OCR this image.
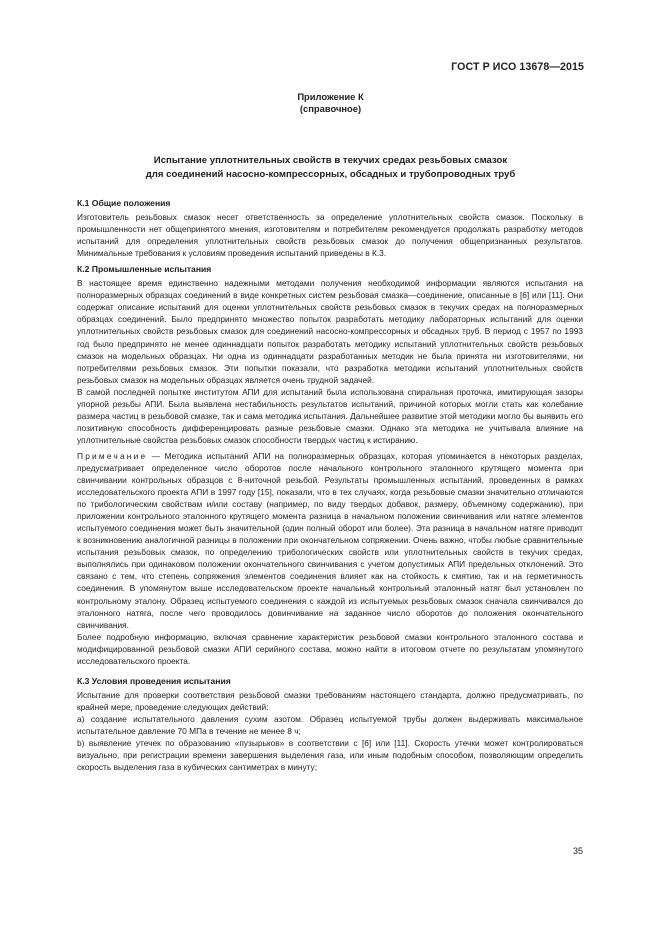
ГОСТ Р ИСО 13678—2015
Приложение К
(справочное)
Испытание уплотнительных свойств в текучих средах резьбовых смазок
для соединений насосно-компрессорных, обсадных и трубопроводных труб
К.1 Общие положения

Изготовитель резьбовых смазок несет ответственность за определение уплотнительных свойств смазок. Поскольку в промышленности нет общепринятого мнения, изготовителям и потребителям рекомендуется продолжать разработку методов испытаний для определения уплотнительных свойств резьбовых смазок до получения общепризнанных результатов. Минимальные требования к условиям проведения испытаний приведены в К.3.

К.2 Промышленные испытания

В настоящее время единственно надежными методами получения необходимой информации являются испытания на полноразмерных образцах соединений в виде конкретных систем резьбовая смазка—соединение, описанные в [6] или [11]. Они содержат описание испытаний для оценки уплотнительных свойств резьбовых смазок в текучих средах на полноразмерных образцах соединений. Было предпринято множество попыток разработать методику лабораторных испытаний для оценки уплотнительных свойств резьбовых смазок для соединений насосно-компрессорных и обсадных труб. В период с 1957 по 1993 год было предпринято не менее одиннадцати попыток разработать методику испытаний уплотнительных свойств резьбовых смазок на модельных образцах. Ни одна из одиннадцати разработанных методик не была принята ни изготовителями, ни потребителями резьбовых смазок. Эти попытки показали, что разработка методики испытаний уплотнительных свойств резьбовых смазок на модельных образцах является очень трудной задачей.

В самой последней попытке институтом АПИ для испытаний была использована спиральная проточка, имитирующая зазоры упорной резьбы АПИ. Была выявлена нестабильность результатов испытаний, причиной которых могли стать как колебание размера частиц в резьбовой смазке, так и сама методика испытания. Дальнейшее развитие этой методики могло бы выявить его позитивную способность дифференцировать разные резьбовые смазки. Однако эта методика не учитывала влияние на уплотнительные свойства резьбовых смазок способности твердых частиц к истиранию.

Примечание — Методика испытаний АПИ на полноразмерных образцах, которая упоминается в некоторых разделах, предусматривает определенное число оборотов после начального контрольного эталонного крутящего момента при свинчивании контрольных образцов с 8-ниточной резьбой. Результаты промышленных испытаний, проведенных в рамках исследовательского проекта АПИ в 1997 году [15], показали, что в тех случаях, когда резьбовые смазки значительно отличаются по трибологическим свойствам и/или составу (например, по виду твердых добавок, размеру, объемному содержанию), при приложении контрольного эталонного крутящего момента разница в начальном положении свинчивания или натяге элементов испытуемого соединения может быть значительной (один полный оборот или более). Эта разница в начальном натяге приводит к возникновению аналогичной разницы в положении при окончательном сопряжении. Очень важно, чтобы любые сравнительные испытания резьбовых смазок, по определению трибологических свойств или уплотнительных свойств в текучих средах, выполнялись при одинаковом положении окончательного свинчивания с учетом допустимых АПИ предельных отклонений. Это связано с тем, что степень сопряжения элементов соединения влияет как на стойкость к смятию, так и на герметичность соединения. В упомянутом выше исследовательском проекте начальный контрольный эталонный натяг был установлен по контрольному эталону. Образец испытуемого соединения с каждой из испытуемых резьбовых смазок сначала свинчивался до эталонного натяга, после чего проводилось довинчивание на заданное число оборотов до положения окончательного свинчивания.

Более подробную информацию, включая сравнение характеристик резьбовой смазки контрольного эталонного состава и модифицированной резьбовой смазки АПИ серийного состава, можно найти в итоговом отчете по результатам упомянутого исследовательского проекта.

К.3 Условия проведения испытания

Испытание для проверки соответствия резьбовой смазки требованиям настоящего стандарта, должно предусматривать, по крайней мере, проведение следующих действий:

а) создание испытательного давления сухим азотом. Образец испытуемой трубы должен выдерживать максимальное испытательное давление 70 МПа в течение не менее 8 ч;

b) выявление утечек по образованию «пузырьков» в соответствии с [6] или [11]. Скорость утечки может контролироваться визуально, при регистрации времени завершения выделения газа, или иным подобным способом, позволяющим определить скорость выделения газа в кубических сантиметрах в минуту;

35
